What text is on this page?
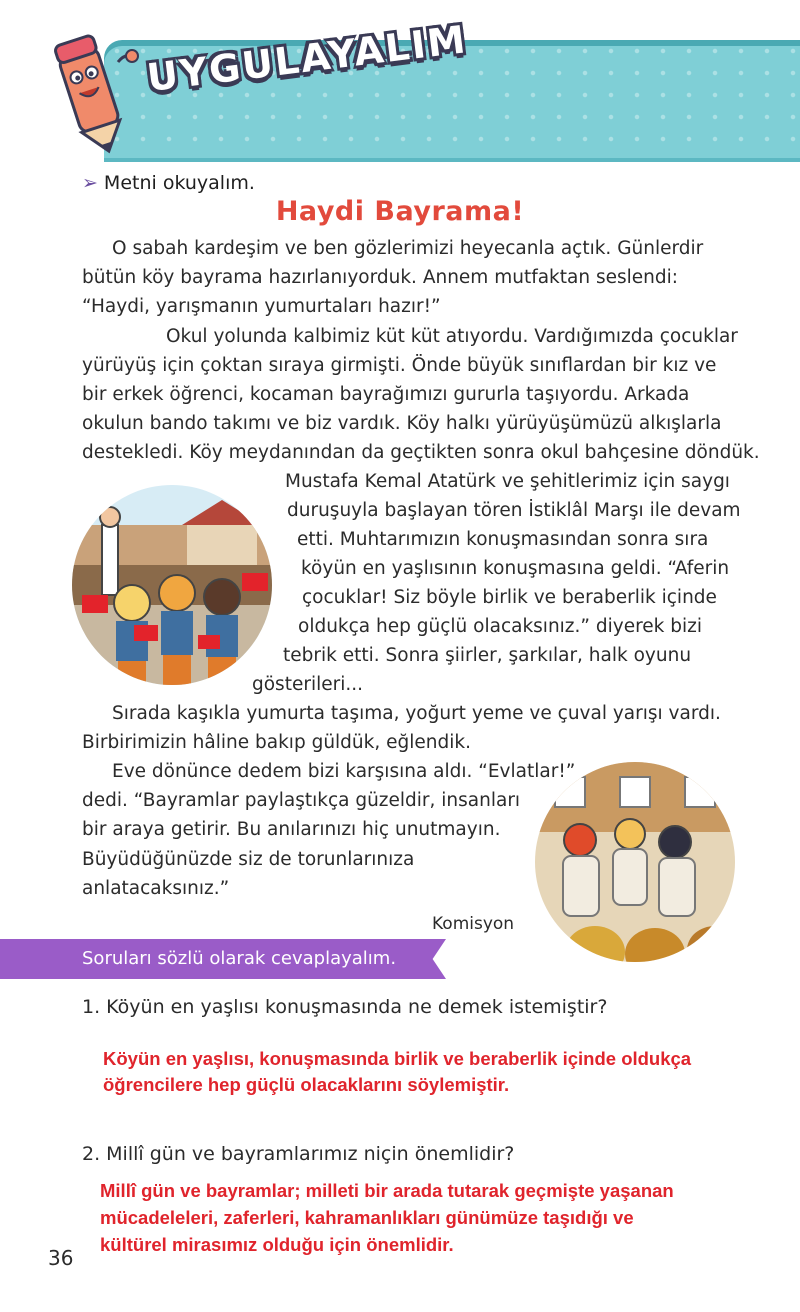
UYGULAYALIM
➢ Metni okuyalım.
Haydi Bayrama!
O sabah kardeşim ve ben gözlerimizi heyecanla açtık. Günlerdir
bütün köy bayrama hazırlanıyorduk. Annem mutfaktan seslendi:
“Haydi, yarışmanın yumurtaları hazır!”
Okul yolunda kalbimiz küt küt atıyordu. Vardığımızda çocuklar
yürüyüş için çoktan sıraya girmişti. Önde büyük sınıflardan bir kız ve
bir erkek öğrenci, kocaman bayrağımızı gururla taşıyordu. Arkada
okulun bando takımı ve biz vardık. Köy halkı yürüyüşümüzü alkışlarla
destekledi. Köy meydanından da geçtikten sonra okul bahçesine döndük.
Mustafa Kemal Atatürk ve şehitlerimiz için saygı
duruşuyla başlayan tören İstiklâl Marşı ile devam
etti. Muhtarımızın konuşmasından sonra sıra
köyün en yaşlısının konuşmasına geldi. “Aferin
çocuklar! Siz böyle birlik ve beraberlik içinde
oldukça hep güçlü olacaksınız.” diyerek bizi
tebrik etti. Sonra şiirler, şarkılar, halk oyunu
gösterileri...
Sırada kaşıkla yumurta taşıma, yoğurt yeme ve çuval yarışı vardı.
Birbirimizin hâline bakıp güldük, eğlendik.
Eve dönünce dedem bizi karşısına aldı. “Evlatlar!”
dedi. “Bayramlar paylaştıkça güzeldir, insanları
bir araya getirir. Bu anılarınızı hiç unutmayın.
Büyüdüğünüzde siz de torunlarınıza
anlatacaksınız.”
Komisyon
Soruları sözlü olarak cevaplayalım.
1. Köyün en yaşlısı konuşmasında ne demek istemiştir?
Köyün en yaşlısı, konuşmasında birlik ve beraberlik içinde oldukça
öğrencilere hep güçlü olacaklarını söylemiştir.
2. Millî gün ve bayramlarımız niçin önemlidir?
Millî gün ve bayramlar; milleti bir arada tutarak geçmişte yaşanan
mücadeleleri, zaferleri, kahramanlıkları günümüze taşıdığı ve
kültürel mirasımız olduğu için önemlidir.
36
